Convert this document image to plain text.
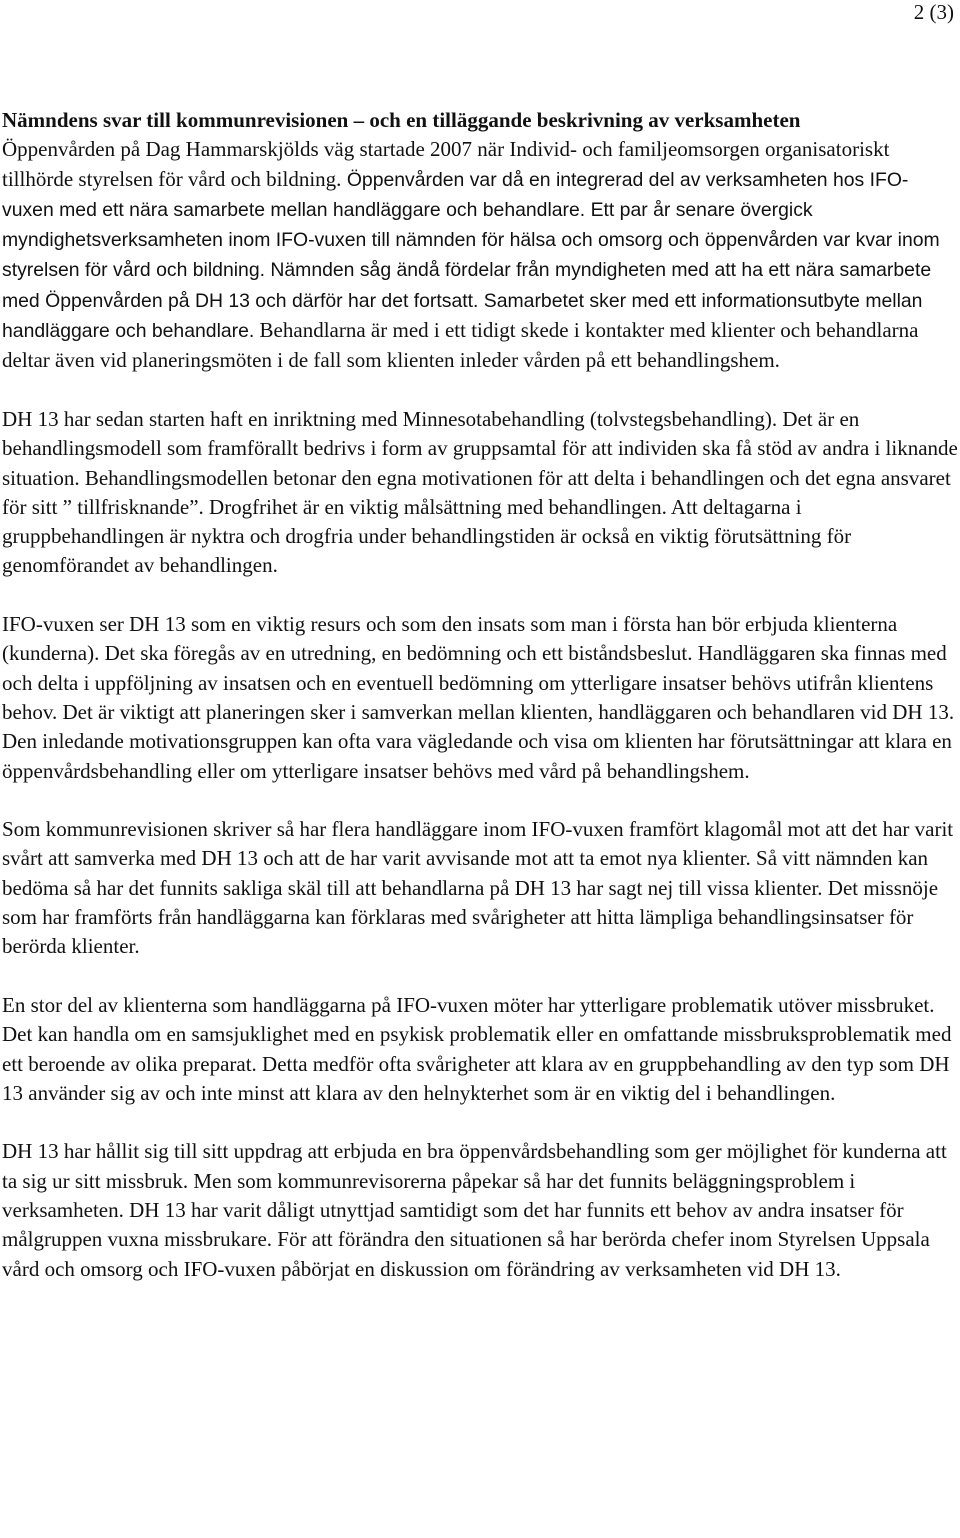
2 (3)

Nämndens svar till kommunrevisionen – och en tilläggande beskrivning av verksamheten

Öppenvården på Dag Hammarskjölds väg startade 2007 när Individ- och familjeomsorgen organisatoriskt tillhörde styrelsen för vård och bildning. Öppenvården var då en integrerad del av verksamheten hos IFO-vuxen med ett nära samarbete mellan handläggare och behandlare. Ett par år senare övergick myndighetsverksamheten inom IFO-vuxen till nämnden för hälsa och omsorg och öppenvården var kvar inom styrelsen för vård och bildning. Nämnden såg ändå fördelar från myndigheten med att ha ett nära samarbete med Öppenvården på DH 13 och därför har det fortsatt. Samarbetet sker med ett informationsutbyte mellan handläggare och behandlare. Behandlarna är med i ett tidigt skede i kontakter med klienter och behandlarna deltar även vid planeringsmöten i de fall som klienten inleder vården på ett behandlingshem.

DH 13 har sedan starten haft en inriktning med Minnesotabehandling (tolvstegsbehandling). Det är en behandlingsmodell som framförallt bedrivs i form av gruppsamtal för att individen ska få stöd av andra i liknande situation. Behandlingsmodellen betonar den egna motivationen för att delta i behandlingen och det egna ansvaret för sitt ” tillfrisknande”. Drogfrihet är en viktig målsättning med behandlingen. Att deltagarna i gruppbehandlingen är nyktra och drogfria under behandlingstiden är också en viktig förutsättning för genomförandet av behandlingen.

IFO-vuxen ser DH 13 som en viktig resurs och som den insats som man i första han bör erbjuda klienterna (kunderna). Det ska föregås av en utredning, en bedömning och ett biståndsbeslut. Handläggaren ska finnas med och delta i uppföljning av insatsen och en eventuell bedömning om ytterligare insatser behövs utifrån klientens behov. Det är viktigt att planeringen sker i samverkan mellan klienten, handläggaren och behandlaren vid DH 13. Den inledande motivationsgruppen kan ofta vara vägledande och visa om klienten har förutsättningar att klara en öppenvårdsbehandling eller om ytterligare insatser behövs med vård på behandlingshem.

Som kommunrevisionen skriver så har flera handläggare inom IFO-vuxen framfört klagomål mot att det har varit svårt att samverka med DH 13 och att de har varit avvisande mot att ta emot nya klienter. Så vitt nämnden kan bedöma så har det funnits sakliga skäl till att behandlarna på DH 13 har sagt nej till vissa klienter. Det missnöje som har framförts från handläggarna kan förklaras med svårigheter att hitta lämpliga behandlingsinsatser för berörda klienter.

En stor del av klienterna som handläggarna på IFO-vuxen möter har ytterligare problematik utöver missbruket. Det kan handla om en samsjuklighet med en psykisk problematik eller en omfattande missbruksproblematik med ett beroende av olika preparat. Detta medför ofta svårigheter att klara av en gruppbehandling av den typ som DH 13 använder sig av och inte minst att klara av den helnykterhet som är en viktig del i behandlingen.

DH 13 har hållit sig till sitt uppdrag att erbjuda en bra öppenvårdsbehandling som ger möjlighet för kunderna att ta sig ur sitt missbruk. Men som kommunrevisorerna påpekar så har det funnits beläggningsproblem i verksamheten. DH 13 har varit dåligt utnyttjad samtidigt som det har funnits ett behov av andra insatser för målgruppen vuxna missbrukare. För att förändra den situationen så har berörda chefer inom Styrelsen Uppsala vård och omsorg och IFO-vuxen påbörjat en diskussion om förändring av verksamheten vid DH 13.
